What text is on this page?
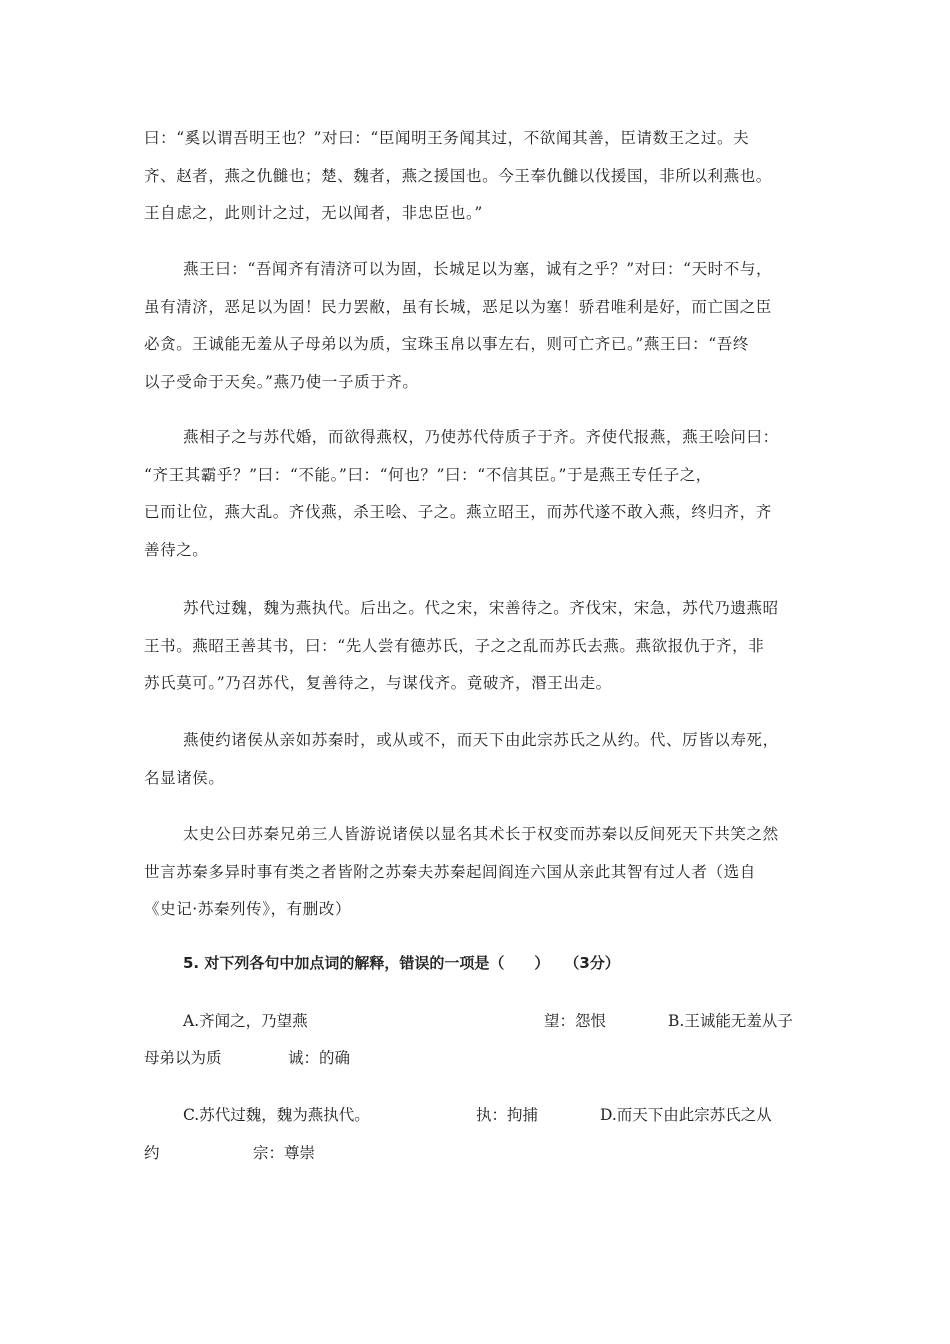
曰：“奚以谓吾明王也？”对曰：“臣闻明王务闻其过，不欲闻其善，臣请数王之过。夫
齐、赵者，燕之仇雠也；楚、魏者，燕之援国也。今王奉仇雠以伐援国，非所以利燕也。
王自虑之，此则计之过，无以闻者，非忠臣也。”
燕王曰：“吾闻齐有清济可以为固，长城足以为塞，诚有之乎？”对曰：“天时不与，
虽有清济，恶足以为固！民力罢敝，虽有长城，恶足以为塞！骄君唯利是好，而亡国之臣
必贪。王诚能无羞从子母弟以为质，宝珠玉帛以事左右，则可亡齐已。”燕王曰：“吾终
以子受命于天矣。”燕乃使一子质于齐。
燕相子之与苏代婚，而欲得燕权，乃使苏代侍质子于齐。齐使代报燕，燕王哙问曰：
“齐王其霸乎？”曰：“不能。”曰：“何也？”曰：“不信其臣。”于是燕王专任子之，
已而让位，燕大乱。齐伐燕，杀王哙、子之。燕立昭王，而苏代遂不敢入燕，终归齐，齐
善待之。
苏代过魏，魏为燕执代。后出之。代之宋，宋善待之。齐伐宋，宋急，苏代乃遗燕昭
王书。燕昭王善其书，曰：“先人尝有德苏氏，子之之乱而苏氏去燕。燕欲报仇于齐，非
苏氏莫可。”乃召苏代，复善待之，与谋伐齐。竟破齐，湣王出走。
燕使约诸侯从亲如苏秦时，或从或不，而天下由此宗苏氏之从约。代、厉皆以寿死，
名显诸侯。
太史公曰苏秦兄弟三人皆游说诸侯以显名其术长于权变而苏秦以反间死天下共笑之然
世言苏秦多异时事有类之者皆附之苏秦夫苏秦起闾阎连六国从亲此其智有过人者（选自
《史记·苏秦列传》，有删改）

5. 对下列各句中加点词的解释，错误的一项是（　　）　　（3分）

A.齐闻之，乃望燕	望：怨恨	B.王诚能无羞从子

母弟以为质	诚：的确

C.苏代过魏，魏为燕执代。	执：拘捕	D.而天下由此宗苏氏之从

约	宗：尊崇
